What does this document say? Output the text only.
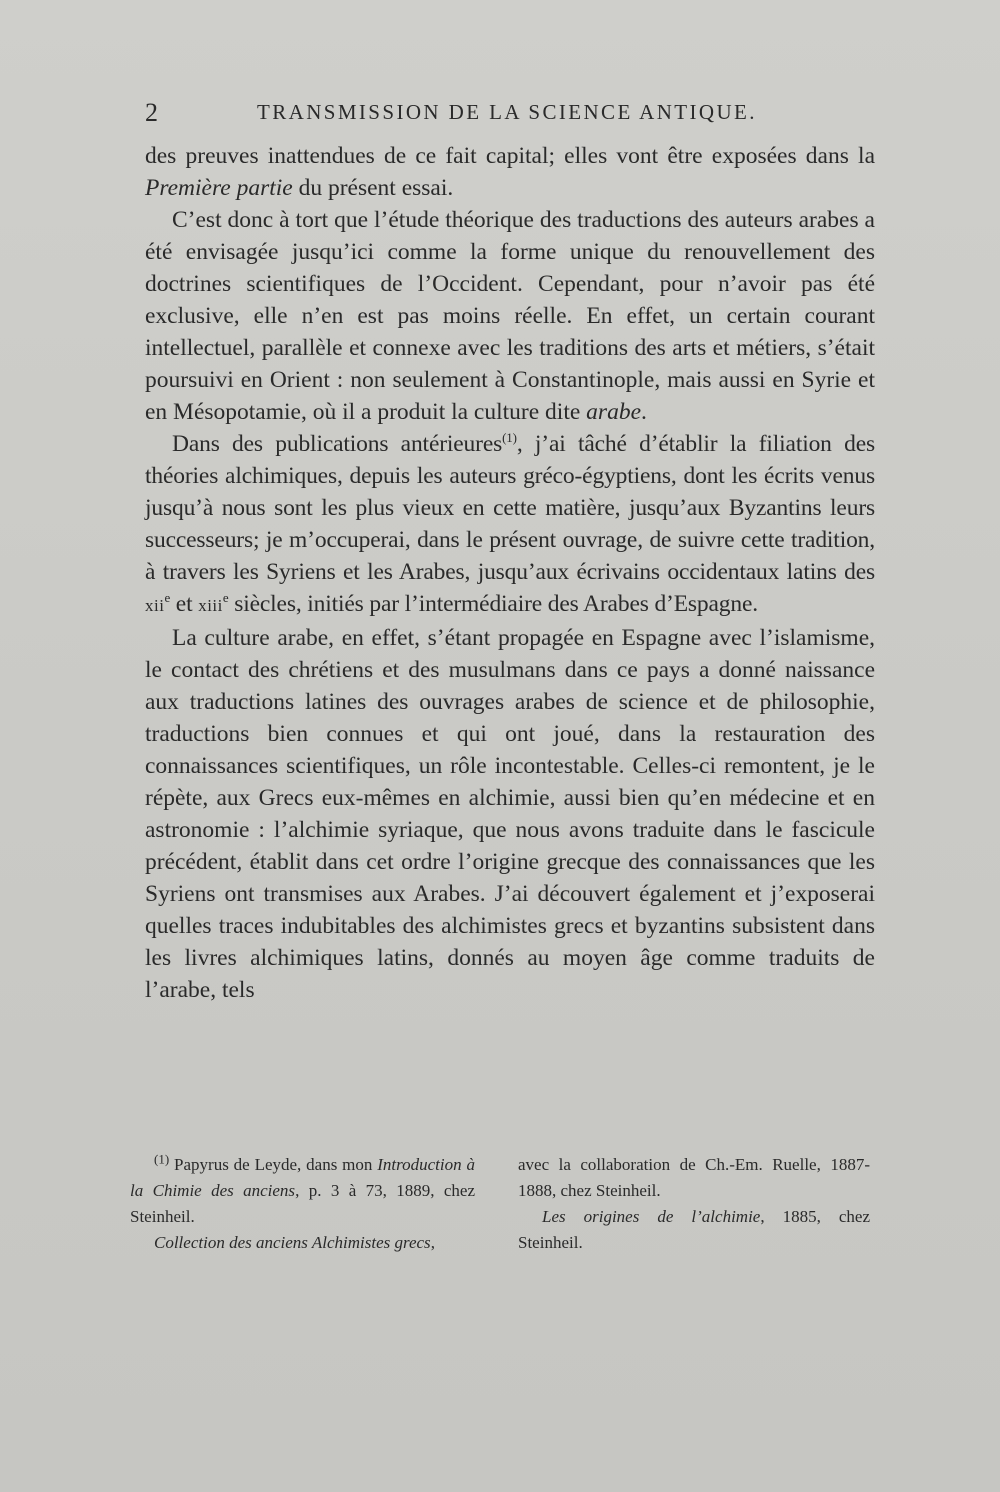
2	TRANSMISSION DE LA SCIENCE ANTIQUE.

des preuves inattendues de ce fait capital; elles vont être exposées dans la Première partie du présent essai.

C’est donc à tort que l’étude théorique des traductions des auteurs arabes a été envisagée jusqu’ici comme la forme unique du renouvellement des doctrines scientifiques de l’Occident. Cependant, pour n’avoir pas été exclusive, elle n’en est pas moins réelle. En effet, un certain courant intellectuel, parallèle et connexe avec les traditions des arts et métiers, s’était poursuivi en Orient : non seulement à Constantinople, mais aussi en Syrie et en Mésopotamie, où il a produit la culture dite arabe.

Dans des publications antérieures$^{(1)}$, j’ai tâché d’établir la filiation des théories alchimiques, depuis les auteurs gréco-égyptiens, dont les écrits venus jusqu’à nous sont les plus vieux en cette matière, jusqu’aux Byzantins leurs successeurs; je m’occuperai, dans le présent ouvrage, de suivre cette tradition, à travers les Syriens et les Arabes, jusqu’aux écrivains occidentaux latins des xii$^e$ et xiii$^e$ siècles, initiés par l’intermédiaire des Arabes d’Espagne.

La culture arabe, en effet, s’étant propagée en Espagne avec l’islamisme, le contact des chrétiens et des musulmans dans ce pays a donné naissance aux traductions latines des ouvrages arabes de science et de philosophie, traductions bien connues et qui ont joué, dans la restauration des connaissances scientifiques, un rôle incontestable. Celles-ci remontent, je le répète, aux Grecs eux-mêmes en alchimie, aussi bien qu’en médecine et en astronomie : l’alchimie syriaque, que nous avons traduite dans le fascicule précédent, établit dans cet ordre l’origine grecque des connaissances que les Syriens ont transmises aux Arabes. J’ai découvert également et j’exposerai quelles traces indubitables des alchimistes grecs et byzantins subsistent dans les livres alchimiques latins, donnés au moyen âge comme traduits de l’arabe, tels

$^{(1)}$ Papyrus de Leyde, dans mon Introduction à la Chimie des anciens, p. 3 à 73, 1889, chez Steinheil.

Collection des anciens Alchimistes grecs,

avec la collaboration de Ch.-Em. Ruelle, 1887-1888, chez Steinheil.

Les origines de l’alchimie, 1885, chez Steinheil.
